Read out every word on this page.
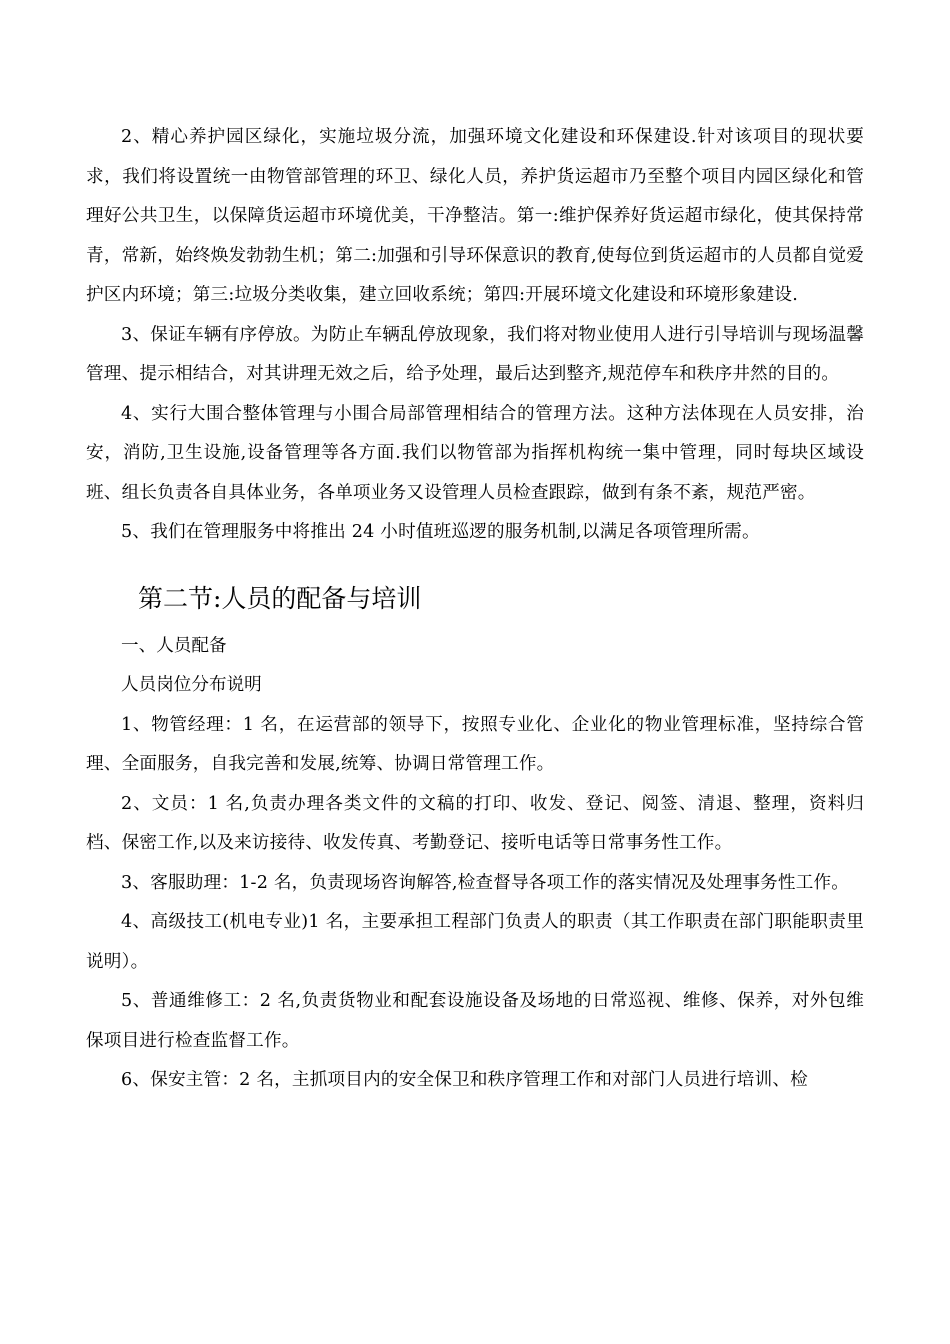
2、精心养护园区绿化，实施垃圾分流，加强环境文化建设和环保建设.针对该项目的现状要求，我们将设置统一由物管部管理的环卫、绿化人员，养护货运超市乃至整个项目内园区绿化和管理好公共卫生，以保障货运超市环境优美，干净整洁。第一:维护保养好货运超市绿化，使其保持常青，常新，始终焕发勃勃生机；第二:加强和引导环保意识的教育,使每位到货运超市的人员都自觉爱护区内环境；第三:垃圾分类收集，建立回收系统；第四:开展环境文化建设和环境形象建设.

3、保证车辆有序停放。为防止车辆乱停放现象，我们将对物业使用人进行引导培训与现场温馨管理、提示相结合，对其讲理无效之后，给予处理，最后达到整齐,规范停车和秩序井然的目的。

4、实行大围合整体管理与小围合局部管理相结合的管理方法。这种方法体现在人员安排，治安，消防,卫生设施,设备管理等各方面.我们以物管部为指挥机构统一集中管理，同时每块区域设班、组长负责各自具体业务，各单项业务又设管理人员检查跟踪，做到有条不紊，规范严密。

5、我们在管理服务中将推出 24 小时值班巡逻的服务机制,以满足各项管理所需。

第二节:人员的配备与培训

一、人员配备

人员岗位分布说明

1、物管经理：1 名，在运营部的领导下，按照专业化、企业化的物业管理标准，坚持综合管理、全面服务，自我完善和发展,统筹、协调日常管理工作。

2、文员：1 名,负责办理各类文件的文稿的打印、收发、登记、阅签、清退、整理，资料归档、保密工作,以及来访接待、收发传真、考勤登记、接听电话等日常事务性工作。

3、客服助理：1-2 名，负责现场咨询解答,检查督导各项工作的落实情况及处理事务性工作。

4、高级技工(机电专业)1 名，主要承担工程部门负责人的职责（其工作职责在部门职能职责里说明）。

5、普通维修工：2 名,负责货物业和配套设施设备及场地的日常巡视、维修、保养，对外包维保项目进行检查监督工作。

6、保安主管：2 名，主抓项目内的安全保卫和秩序管理工作和对部门人员进行培训、检
